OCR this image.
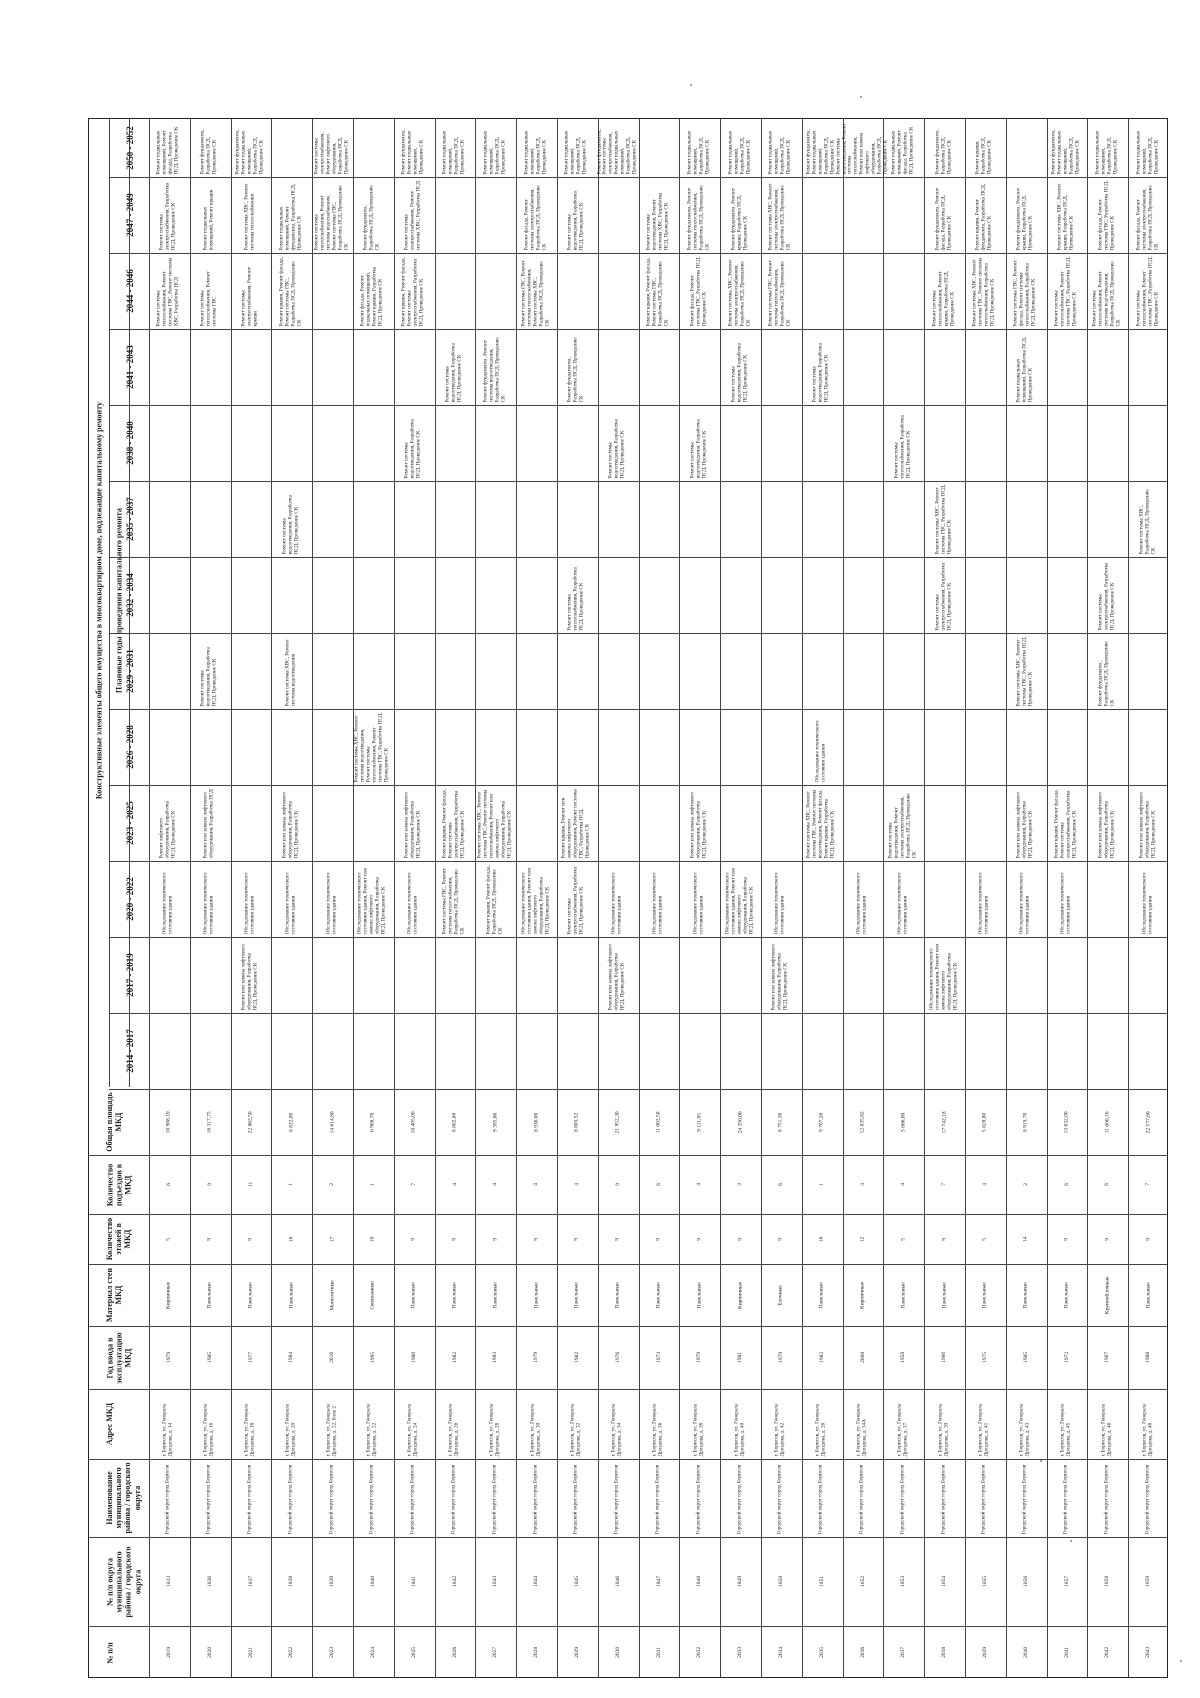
Конструктивные элементы общего имущества в многоквартирном доме, подлежащие капитальному ремонту Плановые годы проведения капитального ремонта
2050 - 2052
2047 - 2049
2044 - 2046
2041 - 2043
2038 - 2040
2035 - 2037
2032 - 2034
2029 - 2031
2026 - 2028
2023 - 2025
2020 - 2022
2017 - 2019
2014 - 2017
Общая площадь МКД
Количество подъездов в МКД
Количество этажей в МКД
Материал стен МКД
Год ввода в эксплуатацию МКД
Адрес МКД
Наименование муниципального района / городского округа
№ п/п округа муниципального района / городского округа
№ п/п
Ремонт подвальных помещений, Ремонт фасада, Разработка ПСД, Проведение СК
Ремонт системы электроснабжения, Разработка ПСД, Проведение СК
Ремонт системы теплоснабжения, Ремонт системы ГВС, Ремонт системы ХВС, Разработка ПСД
Ремонт лифтового оборудования, Разработка ПСД, Проведение СК
Обследование технического состояния здания
10 908,10
6
5
Кирпичные
1979
г. Борисов, ул. Генерала Дроздова, д. 14
Городской округ город Борисов
1833
2019
Ремонт фундамента, Разработка ПСД, Проведение СК
Ремонт подвальных помещений, Ремонт крыши
Ремонт системы теплоснабжения, Ремонт системы ГВС
Ремонт системы водоотведения, Разработка ПСД, Проведение СК
Ремонт или замена лифтового оборудования, Разработка ПСД
Обследование технического состояния здания
16 317,75
9
9
Панельные
1985
г. Борисов, ул. Генерала Дроздова, д. 16
Городской округ город Борисов
1836
2020
Ремонт фундамента, Ремонт подвальных помещений, Разработка ПСД, Проведение СК
Ремонт системы ХВС, Ремонт системы теплоснабжения
Ремонт системы электроснабжения, Ремонт крыши
Обследование технического состояния здания
Ремонт или замена лифтового оборудования, Разработка ПСД, Проведение СК
22 862,50
11
9
Панельные
1977
г. Борисов, ул. Генерала Дроздова, д. 18
Городской округ город Борисов
1837
2021
Ремонт подвальных помещений, Ремонт фундамента, Разработка ПСД, Проведение СК
Ремонт крыши, Ремонт фасада, Ремонт системы ГВС, Разработка ПСД, Проведение СК
Ремонт системы водоотведения, Разработка ПСД, Проведение СК
Ремонт системы ХВС, Ремонт системы водоотведения
Ремонт или замена лифтового оборудования, Разработка ПСД, Проведение СК
Обследование технического состояния здания
8 832,00
1
10
Панельные
1984
г. Борисов, ул. Генерала Дроздова, д. 20
Городской округ город Борисов
1838
2022
Ремонт системы электроснабжения, Ремонт лифтового оборудования, Разработка ПСД, Проведение СК
Ремонт системы теплоснабжения, Ремонт системы водоснабжения, Ремонт системы ГВС, Разработка ПСД, Проведение СК
Обследование технического состояния здания
14 614,80
2
17
Монолитные
2016
г. Борисов, ул. Генерала Дроздова, д. 22, блок 2
Городской округ город Борисов
1839
2023
Ремонт фундамента, Разработка ПСД, Проведение СК
Ремонт фасада, Ремонт подвальных помещений, Ремонт крыши, Разработка ПСД, Проведение СК
Ремонт системы ХВС, Ремонт системы водоотведения, Ремонт системы теплоснабжения, Ремонт системы ГВС, Разработка ПСД, Проведение СК
Обследование технического состояния здания, Ремонт или замена лифтового оборудования, Разработка ПСД, Проведение СК
6 908,70
1
10
Смешанные
1995
г. Борисов, ул. Генерала Дроздова, д. 22
Городской округ город Борисов
1840
2024
Ремонт фундамента, Ремонт подвальных помещений, Проведение СК
Ремонт системы электроснабжения, Ремонт системы ХВС, Разработка ПСД
Ремонт крыши, Ремонт фасада, Ремонт системы электроснабжения, Разработка ПСД, Проведение СК
Ремонт системы водоотведения, Разработка ПСД, Проведение СК
Ремонт или замена лифтового оборудования, Разработка ПСД, Проведение СК
Обследование технического состояния здания
18 405,00
7
9
Панельные
1980
г. Борисов, ул. Генерала Дроздова, д. 24
Городской округ город Борисов
1841
2025
Ремонт подвальных помещений, Разработка ПСД, Проведение СК
Ремонт системы водоотведения, Разработка ПСД, Проведение СК
Ремонт крыши, Ремонт фасада, Ремонт системы электроснабжения, Разработка ПСД, Проведение СК
Ремонт системы ГВС, Ремонт системы теплоснабжения, Разработка ПСД, Проведение СК
8 802,80
4
9
Панельные
1982
г. Борисов, ул. Генерала Дроздова, д. 26
Городской округ город Борисов
1842
2026
Ремонт подвальных помещений, Разработка ПСД, Проведение СК
Ремонт фундамента, Ремонт системы водоотведения, Разработка ПСД, Проведение СК
Ремонт системы ХВС, Ремонт системы ГВС, Ремонт системы теплоснабжения, Ремонт или замена лифтового оборудования, Разработка ПСД, Проведение СК
Ремонт крыши, Ремонт фасада, Разработка ПСД, Проведение СК
9 395,00
4
9
Панельные
1983
г. Борисов, ул. Генерала Дроздова, д. 28
Городской округ город Борисов
1843
2027
Ремонт подвальных помещений, Разработка ПСД, Проведение СК
Ремонт фасада, Ремонт системы электроснабжения, Разработка ПСД, Проведение СК
Ремонт системы ГВС, Ремонт системы теплоснабжения, Ремонт системы ХВС, Разработка ПСД, Проведение СК
Обследование технического состояния здания, Ремонт или замена лифтового оборудования, Разработка ПСД, Проведение СК
8 936,00
4
9
Панельные
1979
г. Борисов, ул. Генерала Дроздова, д. 30
Городской округ город Борисов
1844
2028
Ремонт подвальных помещений, Разработка ПСД, Проведение СК
Ремонт системы водоотведения, Разработка ПСД, Проведение СК
Ремонт фундамента, Разработка ПСД, Проведение СК
Ремонт системы теплоснабжения, Разработка ПСД, Проведение СК
Ремонт крыши, Ремонт или замена лифтового оборудования, Ремонт системы ГВС, Разработка ПСД, Проведение СК
Ремонт системы электроснабжения, Разработка ПСД, Проведение СК
8 803,52
4
9
Панельные
1982
г. Борисов, ул. Генерала Дроздова, д. 32
Городской округ город Борисов
1845
2029
Ремонт фундамента, Ремонт системы электроснабжения, Ремонт подвальных помещений, Разработка ПСД, Проведение СК
Ремонт системы водоотведения, Разработка ПСД, Проведение СК
Обследование технического состояния здания
Ремонт или замена лифтового оборудования, Разработка ПСД, Проведение СК
21 952,30
9
9
Панельные
1976
г. Борисов, ул. Генерала Дроздова, д. 34
Городской округ город Борисов
1846
2030
Ремонт системы водоотведения, Ремонт системы ХВС, Разработка ПСД, Проведение СК
Ремонт крыши, Ремонт фасада, Ремонт системы ГВС, Разработка ПСД, Проведение СК
Обследование технического состояния здания
11 002,50
6
9
Панельные
1973
г. Борисов, ул. Генерала Дроздова, д. 36
Городской округ город Борисов
1847
2031
Ремонт подвальных помещений, Разработка ПСД, Проведение СК
Ремонт фундамента, Ремонт системы теплоснабжения, Разработка ПСД, Проведение СК
Ремонт фасада, Ремонт системы ГВС, Разработка ПСД, Проведение СК
Ремонт системы водоотведения, Разработка ПСД, Проведение СК
Ремонт или замена лифтового оборудования, Разработка ПСД, Проведение СК
Обследование технического состояния здания
9 111,05
4
9
Панельные
1979
г. Борисов, ул. Генерала Дроздова, д. 38
Городской округ город Борисов
1848
2032
Ремонт подвальных помещений, Разработка ПСД, Проведение СК
Ремонт фундамента, Ремонт крыши, Разработка ПСД, Проведение СК
Ремонт системы ХВС, Ремонт системы электроснабжения, Разработка ПСД, Проведение СК
Ремонт системы водоотведения, Разработка ПСД, Проведение СК
Обследование технического состояния здания, Ремонт или замена лифтового оборудования, Разработка ПСД, Проведение СК
24 350,00
3
9
Кирпичные
1981
г. Борисов, ул. Генерала Дроздова, д. 40
Городской округ город Борисов
1849
2033
Ремонт подвальных помещений, Разработка ПСД, Проведение СК
Ремонт системы ХВС, Ремонт системы электроснабжения, Разработка ПСД, Проведение СК
Ремонт системы ГВС, Ремонт системы теплоснабжения, Разработка ПСД, Проведение СК
Обследование технического состояния здания
Ремонт или замена лифтового оборудования, Разработка ПСД, Проведение СК
8 751,30
6
9
Блочные
1979
г. Борисов, ул. Генерала Дроздова, д. 42
Городской округ город Борисов
1850
2034
Ремонт фундамента, Ремонт подвальных помещений, Разработка ПСД, Проведение СК
Ремонт системы водоотведения, Разработка ПСД, Проведение СК
Обследование технического состояния здания
Ремонт системы ХВС, Ремонт системы ГВС, Ремонт системы водоотведения, Ремонт фасада, Ремонт крыши, Разработка ПСД, Проведение СК
9 707,26
1
16
Панельные
1982
г. Борисов, ул. Генерала Дроздова, д. 26
Городской округ город Борисов
1851
2035
Ремонт системы водоотведения, Ремонт системы теплоснабжения, Ремонт или замена лифтового оборудования, Разработка ПСД, Проведение СК
Обследование технического состояния здания
12 835,82
3
12
Кирпичные
2008
г. Борисов, ул. Генерала Дроздова, д. 34А
Городской округ город Борисов
1852
2036
Ремонт подвальных помещений, Ремонт фасада, Разработка ПСД, Проведение СК
Ремонт системы теплоснабжения, Разработка ПСД, Проведение СК
Ремонт системы водоотведения, Ремонт системы электроснабжения, Разработка ПСД, Проведение СК
Обследование технического состояния здания
5 866,00
4
5
Панельные
1958
г. Борисов, ул. Генерала Дроздова, д. 37
Городской округ город Борисов
1853
2037
Ремонт фундамента, Разработка ПСД, Проведение СК
Ремонт фундамента, Ремонт фасада, Разработка ПСД, Проведение СК
Ремонт системы теплоснабжения, Ремонт крыши, Разработка ПСД, Проведение СК
Ремонт системы ХВС, Ремонт системы ГВС, Разработка ПСД, Проведение СК
Ремонт системы электроснабжения, Разработка ПСД, Проведение СК
Обследование технического состояния здания, Ремонт или замена лифтового оборудования, Разработка ПСД, Проведение СК
17 742,18
7
9
Панельные
1986
г. Борисов, ул. Генерала Дроздова, д. 39
Городской округ город Борисов
1854
2038
Ремонт крыши, Разработка ПСД, Проведение СК
Ремонт крыши, Ремонт фундамента, Разработка ПСД, Проведение СК
Ремонт системы ХВС, Ремонт системы ГВС, Ремонт системы теплоснабжения, Разработка ПСД, Проведение СК
Обследование технического состояния здания
5 828,80
4
5
Панельные
1975
г. Борисов, ул. Генерала Дроздова, д. 41
Городской округ город Борисов
1855
2039
Ремонт фундамента, Ремонт крыши, Разработка ПСД, Проведение СК
Ремонт системы ГВС, Ремонт фасада, Ремонт системы теплоснабжения, Разработка ПСД, Проведение СК
Ремонт подвальных помещений, Разработка ПСД, Проведение СК
Ремонт системы ХВС, Ремонт системы ГВС, Разработка ПСД, Проведение СК
Ремонт или замена лифтового оборудования, Разработка ПСД, Проведение СК
Обследование технического состояния здания
8 919,70
2
14
Панельные
1985
г. Борисов, ул. Генерала Дроздова, д. 43
Городской округ город Борисов
1856
2040
Ремонт фундамента, Ремонт подвальных помещений, Разработка ПСД, Проведение СК
Ремонт системы ХВС, Ремонт крыши, Разработка ПСД, Проведение СК
Ремонт системы теплоснабжения, Ремонт системы ГВС, Разработка ПСД, Проведение СК
Ремонт крыши, Ремонт фасада, Ремонт системы электроснабжения, Разработка ПСД, Проведение СК
Обследование технического состояния здания
13 632,00
6
9
Панельные
1972
г. Борисов, ул. Генерала Дроздова, д. 45
Городской округ город Борисов
1857
2041
Ремонт подвальных помещений, Разработка ПСД, Проведение СК
Ремонт фасада, Ремонт системы ГВС, Разработка ПСД, Проведение СК
Ремонт системы теплоснабжения, Ремонт системы водоотведения, Разработка ПСД, Проведение СК
Ремонт системы электроснабжения, Разработка ПСД, Проведение СК
Ремонт фундамента, Разработка ПСД, Проведение СК
Ремонт или замена лифтового оборудования, Разработка ПСД, Проведение СК
11 600,16
6
9
Крупноблочные
1967
г. Борисов, ул. Генерала Дроздова, д. 46
Городской округ город Борисов
1858
2042
Ремонт подвальных помещений, Разработка ПСД, Проведение СК
Ремонт фасада, Ремонт системы электроснабжения, Разработка ПСД, Проведение СК
Ремонт системы теплоснабжения, Ремонт системы ГВС, Разработка ПСД, Проведение СК
Ремонт системы ХВС, Разработка ПСД, Проведение СК
Ремонт или замена лифтового оборудования, Разработка ПСД, Проведение СК
Обследование технического состояния здания
22 577,60
7
9
Панельные
1988
г. Борисов, ул. Генерала Дроздова, д. 48
Городской округ город Борисов
1859
2043
